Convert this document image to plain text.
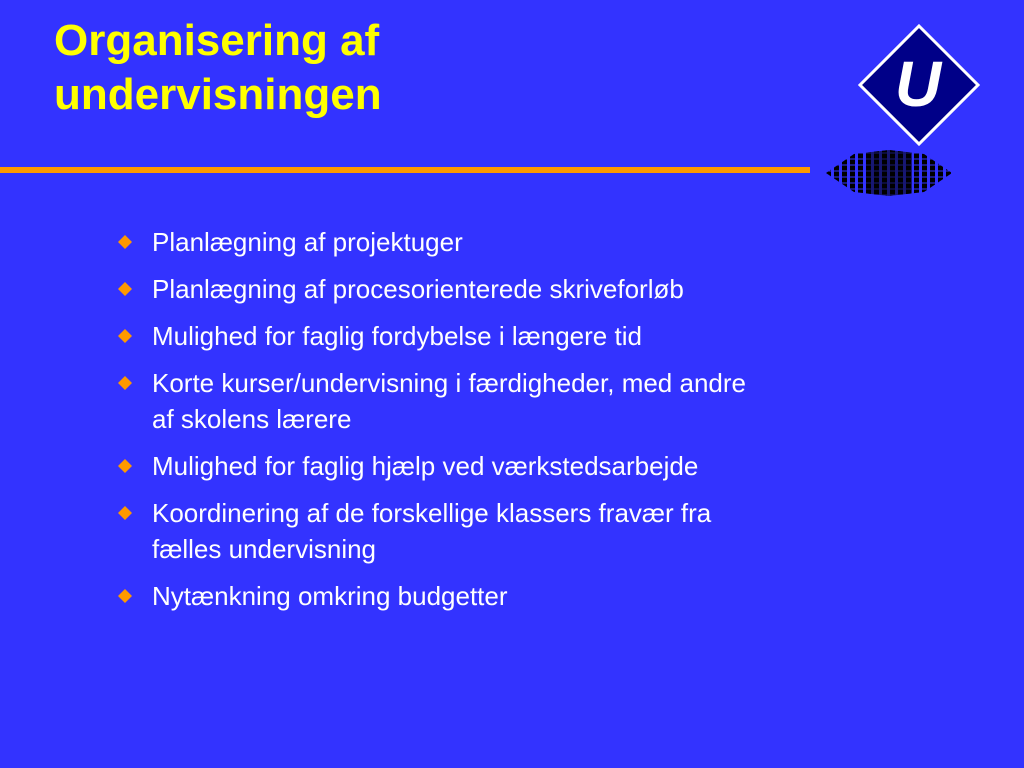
Organisering af
undervisningen	U
Planlægning af projektuger
Planlægning af procesorienterede skriveforløb
Mulighed for faglig fordybelse i længere tid
Korte kurser/undervisning i færdigheder, med andre
af skolens lærere
Mulighed for faglig hjælp ved værkstedsarbejde
Koordinering af de forskellige klassers fravær fra
fælles undervisning
Nytænkning omkring budgetter
